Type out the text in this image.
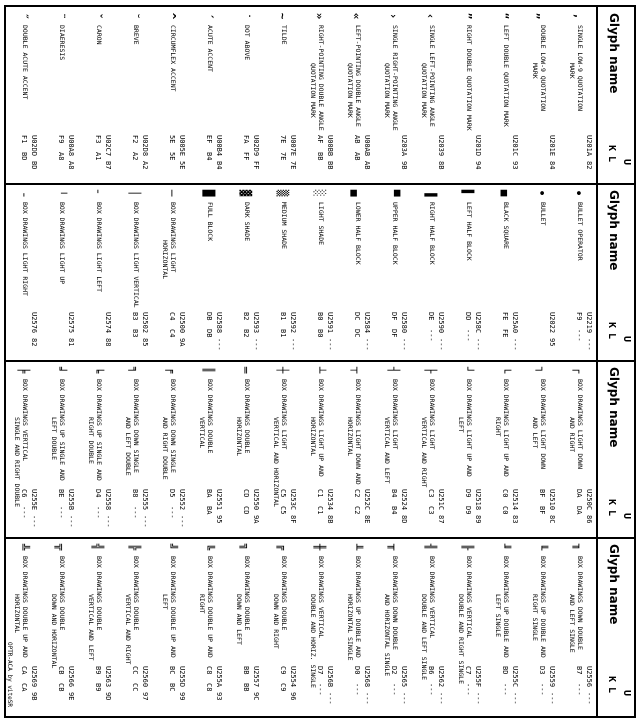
Glyph name
U
KL
‚
SINGLE LOW-9 QUOTATION
MARK
U201A
82
„
DOUBLE LOW-9 QUOTATION
MARK
U201E
84
“
LEFT DOUBLE QUOTATION MARK
U201C
93
”
RIGHT DOUBLE QUOTATION MARK
U201D
94
‹
SINGLE LEFT-POINTING ANGLE
QUOTATION MARK
U2039
8B
›
SINGLE RIGHT-POINTING ANGLE
QUOTATION MARK
U203A
9B
«
LEFT-POINTING DOUBLE ANGLE
QUOTATION MARK
U00AB
AB
AB
AB
»
RIGHT-POINTING DOUBLE ANGLE
QUOTATION MARK
U00BB
BB
AF
BB
~
TILDE
U007E
7E
7E
7E
˙
DOT ABOVE
U02D9
FF
FA
FF
´
ACUTE ACCENT
U00B4
B4
EF
B4
^
CIRCUMFLEX ACCENT
U005E
5E
5E
5E
˘
BREVE
U02D8
A2
F2
A2
ˇ
CARON
U02C7
B7
F3
A1
¨
DIAERESIS
U00A8
A8
F9
A8
˝
DOUBLE ACUTE ACCENT
U02DD
BD
F1
BD
Glyph name
U
KL
∙
BULLET OPERATOR
U2219
---
F9
---
•
BULLET
U2022
95
■
BLACK SQUARE
U25A0
---
FE
FE
▌
LEFT HALF BLOCK
U258C
---
DD
---
▐
RIGHT HALF BLOCK
U2590
---
DE
---
▀
UPPER HALF BLOCK
U2580
---
DF
DF
▄
LOWER HALF BLOCK
U2584
---
DC
DC
░
LIGHT SHADE
U2591
---
B0
B0
▒
MEDIUM SHADE
U2592
---
B1
B1
▓
DARK SHADE
U2593
---
B2
B2
█
FULL BLOCK
U2588
---
DB
DB
─
BOX DRAWINGS LIGHT
HORIZONTAL
U2500
9A
C4
C4
│
BOX DRAWINGS LIGHT VERTICAL
U2502
85
B3
B3
╴
BOX DRAWINGS LIGHT LEFT
U2574
88
╵
BOX DRAWINGS LIGHT UP
U2575
81
╶
BOX DRAWINGS LIGHT RIGHT
U2576
82
Glyph name
U
KL
┌
BOX DRAWINGS LIGHT DOWN
AND RIGHT
U250C
86
DA
DA
┐
BOX DRAWINGS LIGHT DOWN
AND LEFT
U2510
8C
BF
BF
└
BOX DRAWINGS LIGHT UP AND
RIGHT
U2514
83
C0
C0
┘
BOX DRAWINGS LIGHT UP AND
LEFT
U2518
89
D9
D9
├
BOX DRAWINGS LIGHT
VERTICAL AND RIGHT
U251C
87
C3
C3
┤
BOX DRAWINGS LIGHT
VERTICAL AND LEFT
U2524
8D
B4
B4
┬
BOX DRAWINGS LIGHT DOWN AND
HORIZONTAL
U252C
8E
C2
C2
┴
BOX DRAWINGS LIGHT UP AND
HORIZONTAL
U2534
8B
C1
C1
┼
BOX DRAWINGS LIGHT
VERTICAL AND HORIZONTAL U253C
8F
C5
C5
═
BOX DRAWINGS DOUBLE
HORIZONTAL
U2550
9A
CD
CD
║
BOX DRAWINGS DOUBLE
VERTICAL
U2551
95
BA
BA
╒
BOX DRAWINGS DOWN SINGLE
AND RIGHT DOUBLE
U2552
---
D5
---
╕
BOX DRAWINGS DOWN SINGLE
AND LEFT DOUBLE
U2555
---
B8
---
╘
BOX DRAWINGS UP SINGLE AND
RIGHT DOUBLE
U2558
---
D4
---
╛
BOX DRAWINGS UP SINGLE AND
LEFT DOUBLE
U255B
---
BE
---
╞
BOX DRAWINGS VERTICAL
SINGLE AND RIGHT DOUBLE U255E
---
C6
---
Glyph name
U
KL
╖
BOX DRAWINGS DOWN DOUBLE
AND LEFT SINGLE
U2556
---
B7
---
╙
BOX DRAWINGS UP DOUBLE AND
RIGHT SINGLE
U2559
---
D3
---
╜
BOX DRAWINGS UP DOUBLE AND
LEFT SINGLE
U255C
---
BD
---
╟
BOX DRAWINGS VERTICAL
DOUBLE AND RIGHT SINGLE U255F
---
C7
---
╢
BOX DRAWINGS VERTICAL
DOUBLE AND LEFT SINGLE U2562
---
B6
---
╥
BOX DRAWINGS DOWN DOUBLE
AND HORIZONTAL SINGLE
U2565
---
D2
---
╨
BOX DRAWINGS UP DOUBLE AND
HORIZONTAL SINGLE
U2568
---
D0
---
╫
BOX DRAWINGS VERTICAL
DOUBLE AND HORIZ. SINGLE U256B
---
D7
---
╔
BOX DRAWINGS DOUBLE
DOWN AND RIGHT
U2554
96
C9
C9
╗
BOX DRAWINGS DOUBLE
DOWN AND LEFT
U2557
9C
BB
BB
╚
BOX DRAWINGS DOUBLE UP AND
RIGHT
U255A
93
C8
C8
╝
BOX DRAWINGS DOUBLE UP AND
LEFT
U255D
99
BC
BC
╠
BOX DRAWINGS DOUBLE
VERTICAL AND RIGHT
U2560
97
CC
CC
╣
BOX DRAWINGS DOUBLE
VERTICAL AND LEFT
U2563
9D
B9
B9
╦
BOX DRAWINGS DOUBLE
DOWN AND HORIZONTAL
U2566
9E
CB
CB
╩
BOX DRAWINGS DOUBLE UP AND
HORIZONTAL
U2569
9B
CA
CA
OPTR-ACA by viteSR
